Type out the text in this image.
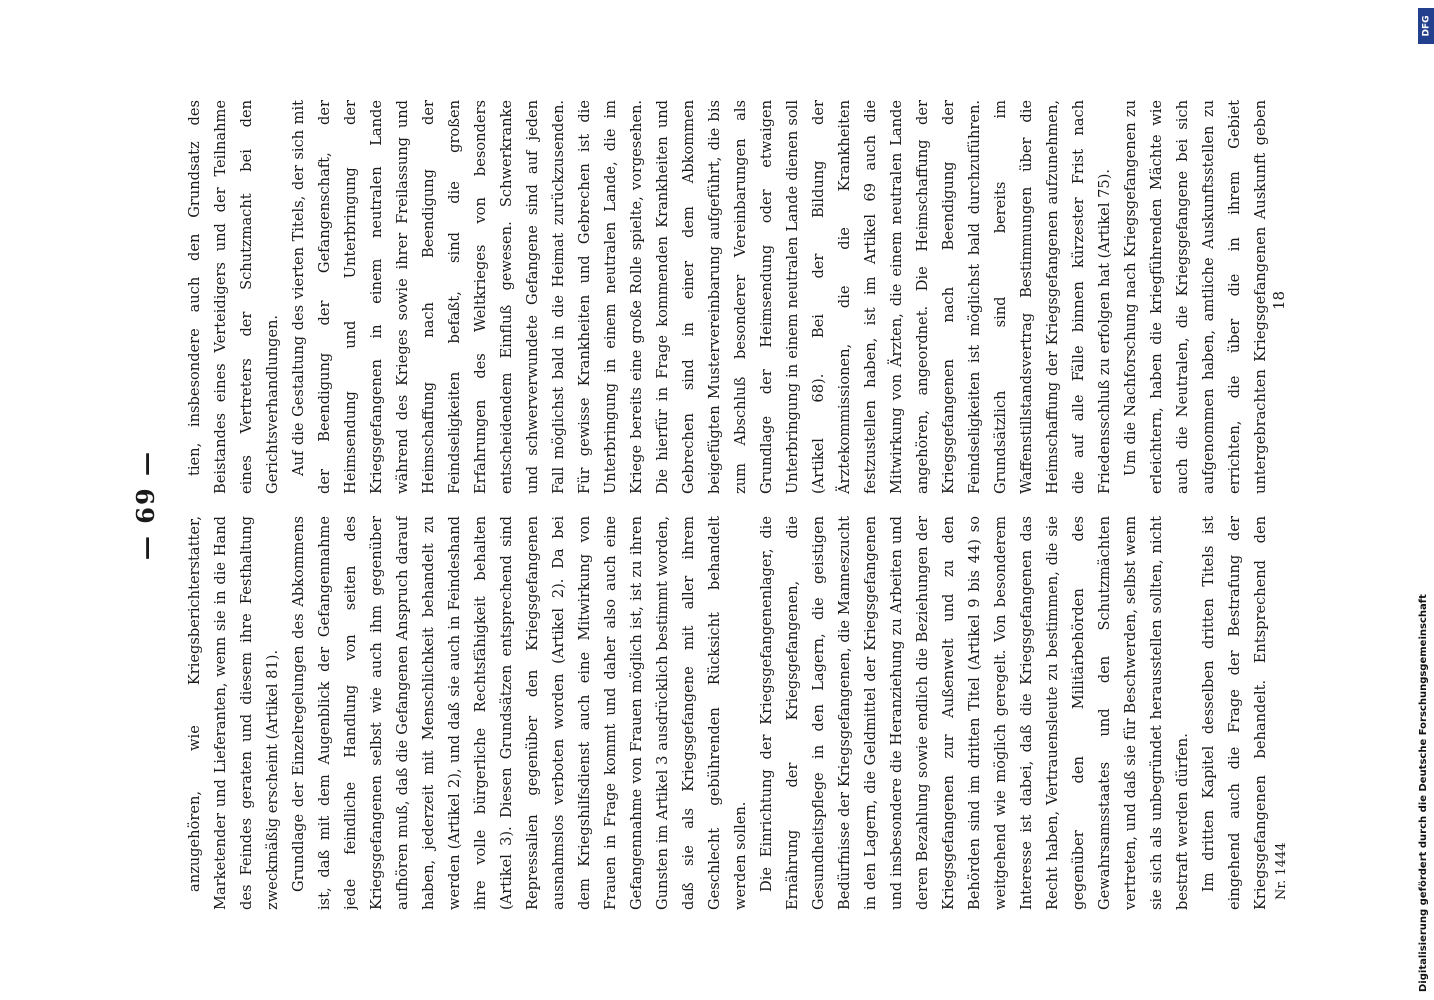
— 69 —

anzugehören, wie Kriegsberichterstatter, Marketender und Lieferanten, wenn sie in die Hand des Feindes geraten und diesem ihre Festhaltung zweckmäßig erscheint (Artikel 81). Grundlage der Einzelregelungen des Abkommens ist, daß mit dem Augenblick der Gefangennahme jede feindliche Handlung von seiten des Kriegsgefangenen selbst wie auch ihm gegenüber aufhören muß, daß die Gefangenen Anspruch darauf haben, jederzeit mit Menschlichkeit behandelt zu werden (Artikel 2), und daß sie auch in Feindeshand ihre volle bürgerliche Rechtsfähigkeit behalten (Artikel 3). Diesen Grundsätzen entsprechend sind Repressalien gegenüber den Kriegsgefangenen ausnahmslos verboten worden (Artikel 2). Da bei dem Kriegshilfsdienst auch eine Mitwirkung von Frauen in Frage kommt und daher also auch eine Gefangennahme von Frauen möglich ist, ist zu ihren Gunsten im Artikel 3 ausdrücklich bestimmt worden, daß sie als Kriegsgefangene mit aller ihrem Geschlecht gebührenden Rücksicht behandelt werden sollen. Die Einrichtung der Kriegsgefangenenlager, die Ernährung der Kriegsgefangenen, die Gesundheitspflege in den Lagern, die geistigen Bedürfnisse der Kriegsgefangenen, die Manneszucht in den Lagern, die Geldmittel der Kriegsgefangenen und insbesondere die Heranziehung zu Arbeiten und deren Bezahlung sowie endlich die Beziehungen der Kriegsgefangenen zur Außenwelt und zu den Behörden sind im dritten Titel (Artikel 9 bis 44) so weitgehend wie möglich geregelt. Von besonderem Interesse ist dabei, daß die Kriegsgefangenen das Recht haben, Vertrauensleute zu bestimmen, die sie gegenüber den Militärbehörden des Gewahrsamsstaates und den Schutzmächten vertreten, und daß sie für Beschwerden, selbst wenn sie sich als unbegründet herausstellen sollten, nicht bestraft werden dürfen. Im dritten Kapitel desselben dritten Titels ist eingehend auch die Frage der Bestrafung der Kriegsgefangenen behandelt. Entsprechend den

tien, insbesondere auch den Grundsatz des Beistandes eines Verteidigers und der Teilnahme eines Vertreters der Schutzmacht bei den Gerichtsverhandlungen. Auf die Gestaltung des vierten Titels, der sich mit der Beendigung der Gefangenschaft, der Heimsendung und Unterbringung der Kriegsgefangenen in einem neutralen Lande während des Krieges sowie ihrer Freilassung und Heimschaffung nach Beendigung der Feindseligkeiten befaßt, sind die großen Erfahrungen des Weltkrieges von besonders entscheidendem Einfluß gewesen. Schwerkranke und schwerverwundete Gefangene sind auf jeden Fall möglichst bald in die Heimat zurückzusenden. Für gewisse Krankheiten und Gebrechen ist die Unterbringung in einem neutralen Lande, die im Kriege bereits eine große Rolle spielte, vorgesehen. Die hierfür in Frage kommenden Krankheiten und Gebrechen sind in einer dem Abkommen beigefügten Mustervereinbarung aufgeführt, die bis zum Abschluß besonderer Vereinbarungen als Grundlage der Heimsendung oder etwaigen Unterbringung in einem neutralen Lande dienen soll (Artikel 68). Bei der Bildung der Ärztekommissionen, die die Krankheiten festzustellen haben, ist im Artikel 69 auch die Mitwirkung von Ärzten, die einem neutralen Lande angehören, angeordnet. Die Heimschaffung der Kriegsgefangenen nach Beendigung der Feindseligkeiten ist möglichst bald durchzuführen. Grundsätzlich sind bereits im Waffenstillstandsvertrag Bestimmungen über die Heimschaffung der Kriegsgefangenen aufzunehmen, die auf alle Fälle binnen kürzester Frist nach Friedensschluß zu erfolgen hat (Artikel 75). Um die Nachforschung nach Kriegsgefangenen zu erleichtern, haben die kriegführenden Mächte wie auch die Neutralen, die Kriegsgefangene bei sich aufgenommen haben, amtliche Auskunftsstellen zu errichten, die über die in ihrem Gebiet untergebrachten Kriegsgefangenen Auskunft geben

Nr. 1444
18
DFG
Digitalisierung gefördert durch die Deutsche Forschungsgemeinschaft
